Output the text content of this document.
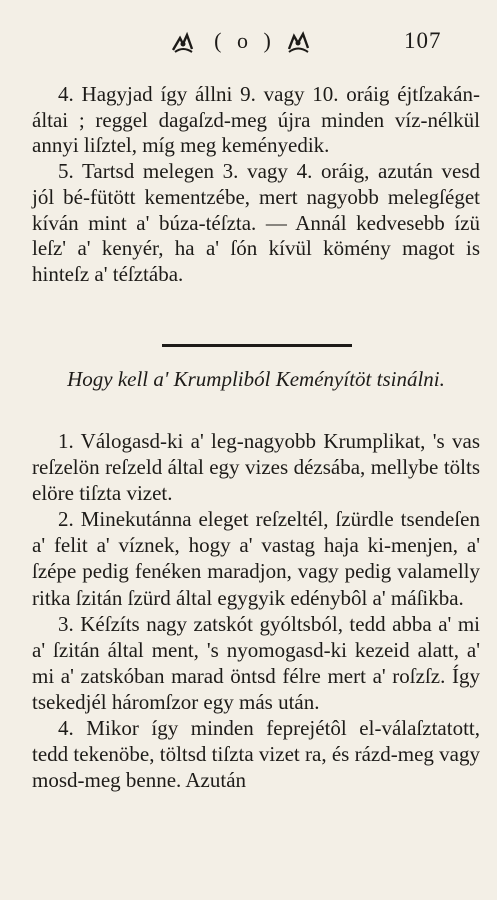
( o )	107

4. Hagyjad így állni 9. vagy 10. oráig éjtſzakán-áltai ; reggel dagaſzd-meg újra minden víz-nélkül annyi liſztel, míg meg keményedik.

5. Tartsd melegen 3. vagy 4. oráig, azután vesd jól bé-fütött kementzébe, mert nagyobb melegſéget kíván mint a' búza-téſzta. — Annál kedvesebb ízü leſz' a' kenyér, ha a' ſón kívül kömény magot is hinteſz a' téſztába.

Hogy kell a' Krumpliból Keményítöt tsinálni.

1. Válogasd-ki a' leg-nagyobb Krumplikat, 's vas reſzelön reſzeld által egy vizes dézsába, mellybe tölts elöre tiſzta vizet.

2. Minekutánna eleget reſzeltél, ſzürdle tsendeſen a' felit a' víznek, hogy a' vastag haja ki-menjen, a' ſzépe pedig fenéken maradjon, vagy pedig valamelly ritka ſzitán ſzürd által egygyik edénybôl a' máſikba.

3. Kéſzíts nagy zatskót gyóltsból, tedd abba a' mi a' ſzitán által ment, 's nyomogasd-ki kezeid alatt, a' mi a' zatskóban marad öntsd félre mert a' roſzſz. Így tsekedjél háromſzor egy más után.

4. Mikor így minden feprejétôl el-válaſztatott, tedd tekenöbe, töltsd tiſzta vizet ra, és rázd-meg vagy mosd-meg benne. Azután
